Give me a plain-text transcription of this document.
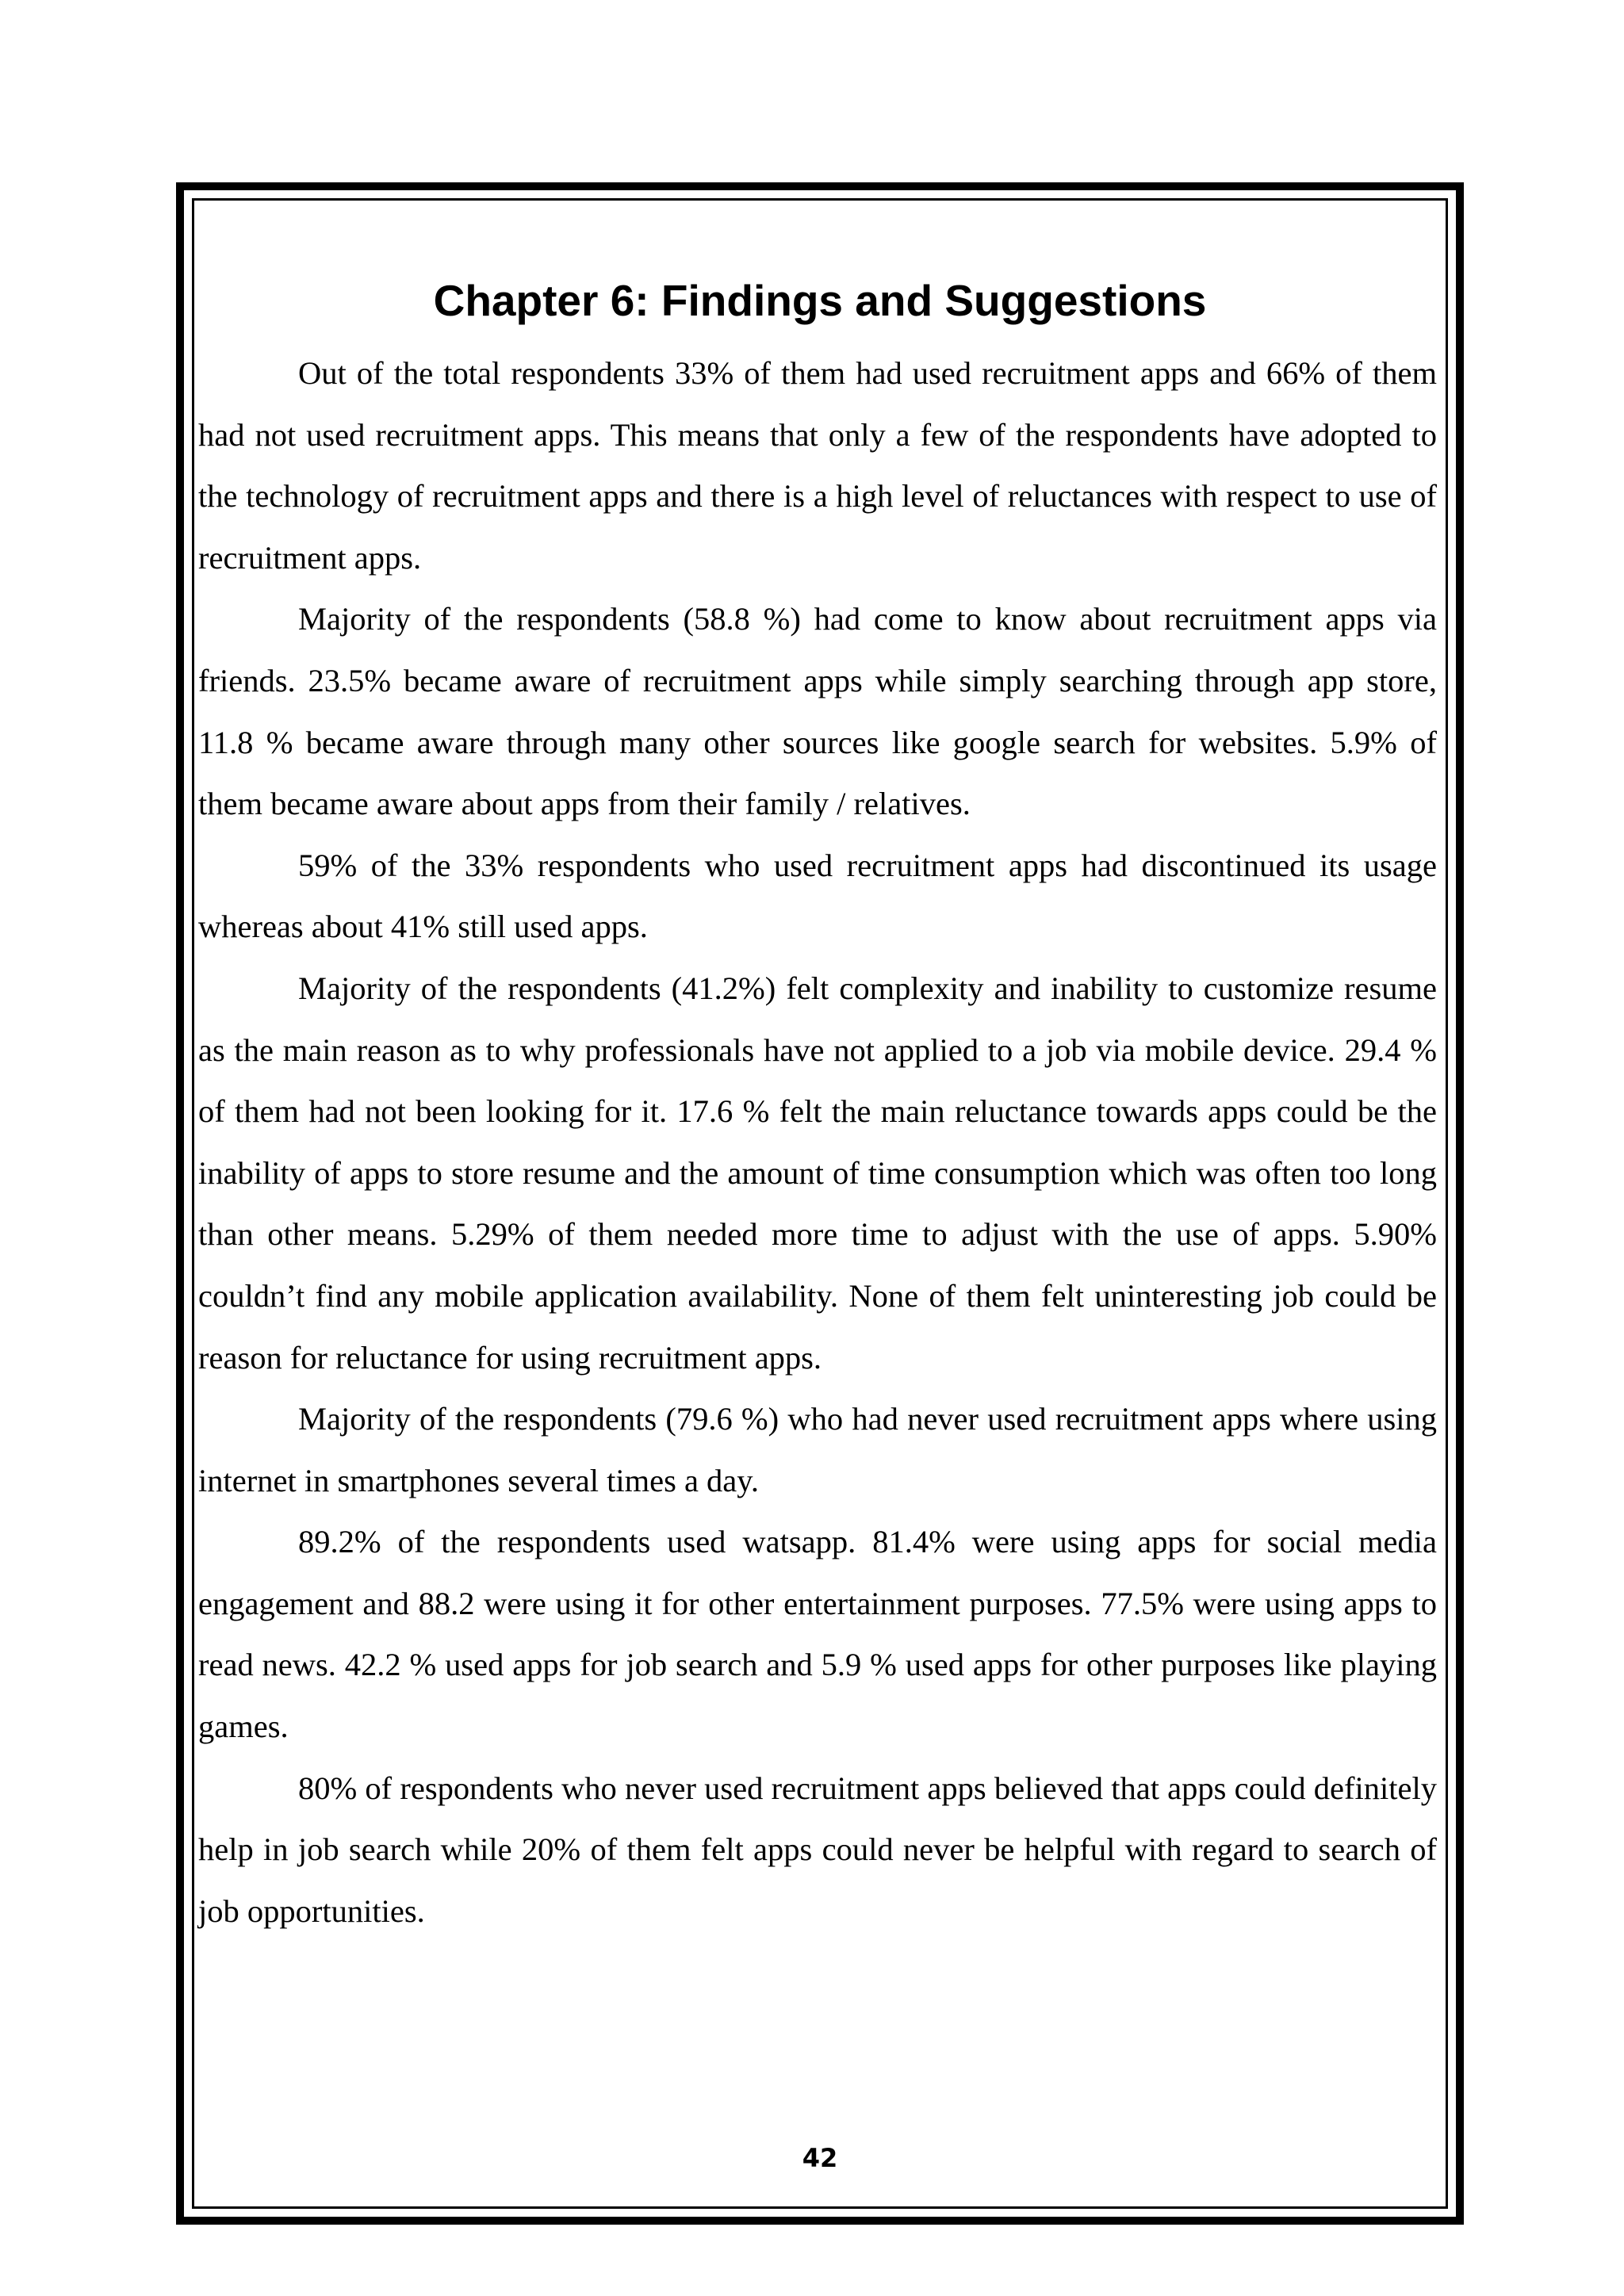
Chapter 6: Findings and Suggestions

Out of the total respondents 33% of them had used recruitment apps and 66% of them had not used recruitment apps. This means that only a few of the respondents have adopted to the technology of recruitment apps and there is a high level of reluctances with respect to use of recruitment apps.

Majority of the respondents (58.8 %) had come to know about recruitment apps via friends. 23.5% became aware of recruitment apps while simply searching through app store, 11.8 % became aware through many other sources like google search for websites. 5.9% of them became aware about apps from their family / relatives.

59% of the 33% respondents who used recruitment apps had discontinued its usage whereas about 41% still used apps.

Majority of the respondents (41.2%) felt complexity and inability to customize resume as the main reason as to why professionals have not applied to a job via mobile device. 29.4 % of them had not been looking for it. 17.6 % felt the main reluctance towards apps could be the inability of apps to store resume and the amount of time consumption which was often too long than other means. 5.29% of them needed more time to adjust with the use of apps. 5.90% couldn’t find any mobile application availability. None of them felt uninteresting job could be reason for reluctance for using recruitment apps.

Majority of the respondents (79.6 %) who had never used recruitment apps where using internet in smartphones several times a day.

89.2% of the respondents used watsapp. 81.4% were using apps for social media engagement and 88.2 were using it for other entertainment purposes. 77.5% were using apps to read news. 42.2 % used apps for job search and 5.9 % used apps for other purposes like playing games.

80% of respondents who never used recruitment apps believed that apps could definitely help in job search while 20% of them felt apps could never be helpful with regard to search of job opportunities.

42
